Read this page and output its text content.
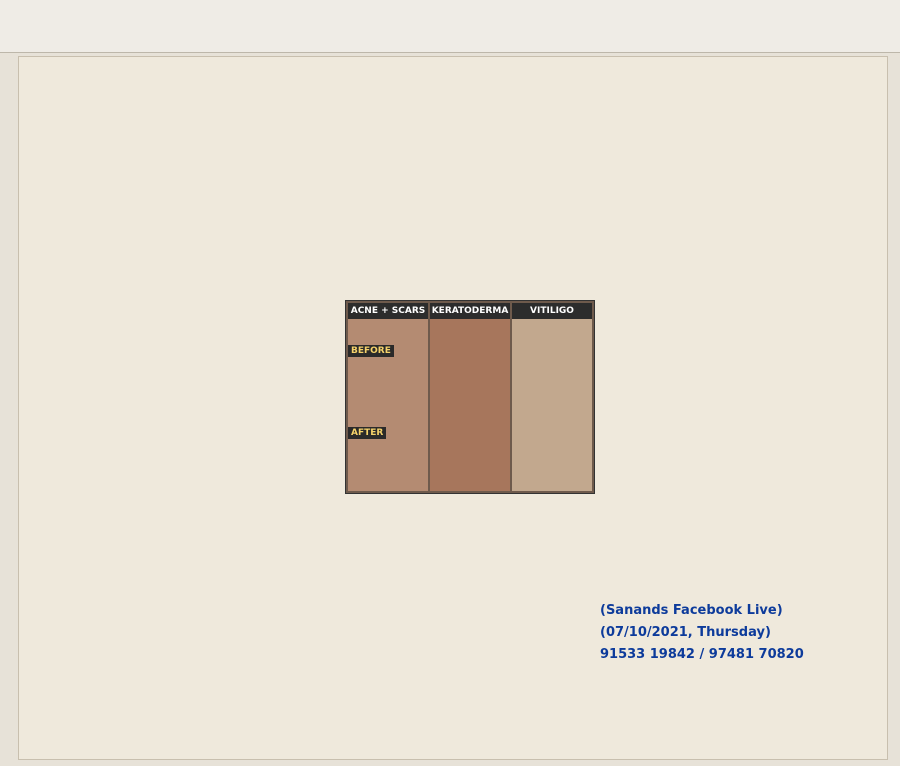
ACNE + SCARS KERATODERMA	VITILIGO
BEFORE
AFTER
(Sanands Facebook Live)
(07/10/2021, Thursday)
91533 19842 / 97481 70820
